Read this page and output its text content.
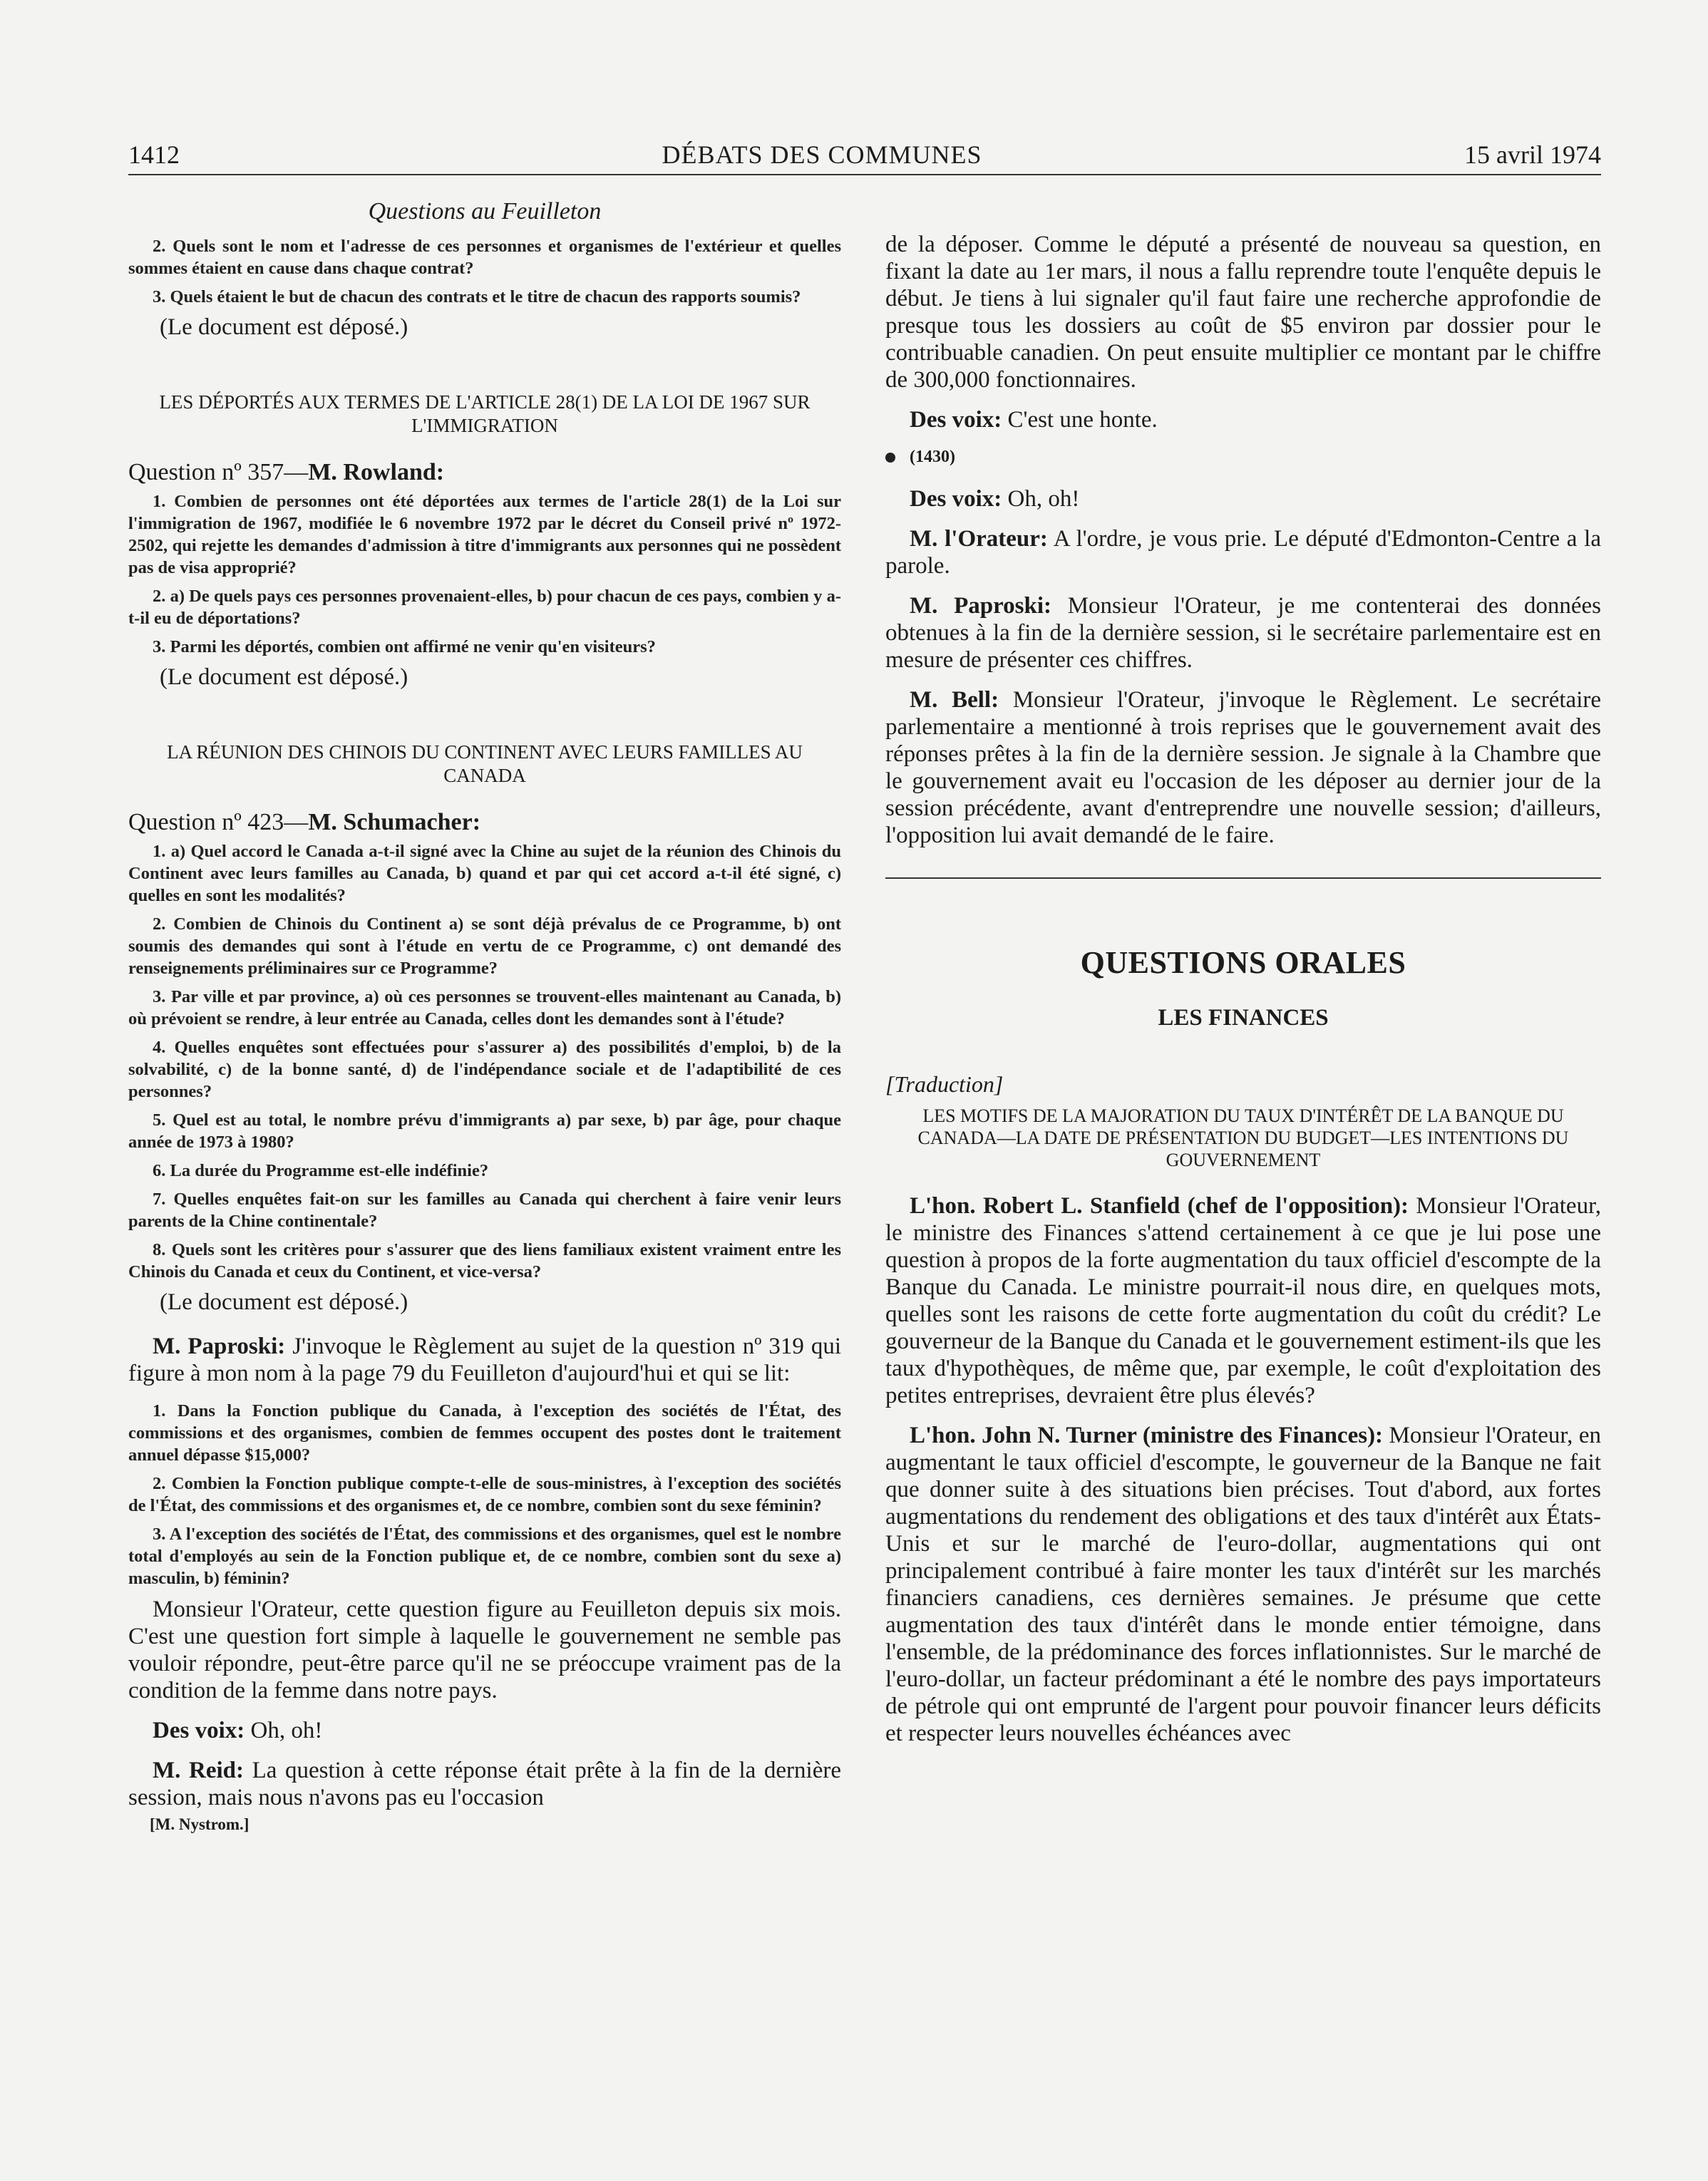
1412	DÉBATS DES COMMUNES	15 avril 1974

Questions au Feuilleton

2. Quels sont le nom et l'adresse de ces personnes et organismes de l'extérieur et quelles sommes étaient en cause dans chaque contrat?

3. Quels étaient le but de chacun des contrats et le titre de chacun des rapports soumis?

(Le document est déposé.)

LES DÉPORTÉS AUX TERMES DE L'ARTICLE 28(1) DE LA LOI DE 1967 SUR L'IMMIGRATION

Question nº 357—M. Rowland:

1. Combien de personnes ont été déportées aux termes de l'article 28(1) de la Loi sur l'immigration de 1967, modifiée le 6 novembre 1972 par le décret du Conseil privé nº 1972-2502, qui rejette les demandes d'admission à titre d'immigrants aux personnes qui ne possèdent pas de visa approprié?

2. a) De quels pays ces personnes provenaient-elles, b) pour chacun de ces pays, combien y a-t-il eu de déportations?

3. Parmi les déportés, combien ont affirmé ne venir qu'en visiteurs?

(Le document est déposé.)

LA RÉUNION DES CHINOIS DU CONTINENT AVEC LEURS FAMILLES AU CANADA

Question nº 423—M. Schumacher:

1. a) Quel accord le Canada a-t-il signé avec la Chine au sujet de la réunion des Chinois du Continent avec leurs familles au Canada, b) quand et par qui cet accord a-t-il été signé, c) quelles en sont les modalités?

2. Combien de Chinois du Continent a) se sont déjà prévalus de ce Programme, b) ont soumis des demandes qui sont à l'étude en vertu de ce Programme, c) ont demandé des renseignements préliminaires sur ce Programme?

3. Par ville et par province, a) où ces personnes se trouvent-elles maintenant au Canada, b) où prévoient se rendre, à leur entrée au Canada, celles dont les demandes sont à l'étude?

4. Quelles enquêtes sont effectuées pour s'assurer a) des possibilités d'emploi, b) de la solvabilité, c) de la bonne santé, d) de l'indépendance sociale et de l'adaptibilité de ces personnes?

5. Quel est au total, le nombre prévu d'immigrants a) par sexe, b) par âge, pour chaque année de 1973 à 1980?

6. La durée du Programme est-elle indéfinie?

7. Quelles enquêtes fait-on sur les familles au Canada qui cherchent à faire venir leurs parents de la Chine continentale?

8. Quels sont les critères pour s'assurer que des liens familiaux existent vraiment entre les Chinois du Canada et ceux du Continent, et vice-versa?

(Le document est déposé.)

M. Paproski: J'invoque le Règlement au sujet de la question nº 319 qui figure à mon nom à la page 79 du Feuilleton d'aujourd'hui et qui se lit:

1. Dans la Fonction publique du Canada, à l'exception des sociétés de l'État, des commissions et des organismes, combien de femmes occupent des postes dont le traitement annuel dépasse $15,000?

2. Combien la Fonction publique compte-t-elle de sous-ministres, à l'exception des sociétés de l'État, des commissions et des organismes et, de ce nombre, combien sont du sexe féminin?

3. A l'exception des sociétés de l'État, des commissions et des organismes, quel est le nombre total d'employés au sein de la Fonction publique et, de ce nombre, combien sont du sexe a) masculin, b) féminin?

Monsieur l'Orateur, cette question figure au Feuilleton depuis six mois. C'est une question fort simple à laquelle le gouvernement ne semble pas vouloir répondre, peut-être parce qu'il ne se préoccupe vraiment pas de la condition de la femme dans notre pays.

Des voix: Oh, oh!

M. Reid: La question à cette réponse était prête à la fin de la dernière session, mais nous n'avons pas eu l'occasion

[M. Nystrom.]

de la déposer. Comme le député a présenté de nouveau sa question, en fixant la date au 1er mars, il nous a fallu reprendre toute l'enquête depuis le début. Je tiens à lui signaler qu'il faut faire une recherche approfondie de presque tous les dossiers au coût de $5 environ par dossier pour le contribuable canadien. On peut ensuite multiplier ce montant par le chiffre de 300,000 fonctionnaires.

Des voix: C'est une honte.

(1430)

Des voix: Oh, oh!

M. l'Orateur: A l'ordre, je vous prie. Le député d'Edmonton-Centre a la parole.

M. Paproski: Monsieur l'Orateur, je me contenterai des données obtenues à la fin de la dernière session, si le secrétaire parlementaire est en mesure de présenter ces chiffres.

M. Bell: Monsieur l'Orateur, j'invoque le Règlement. Le secrétaire parlementaire a mentionné à trois reprises que le gouvernement avait des réponses prêtes à la fin de la dernière session. Je signale à la Chambre que le gouvernement avait eu l'occasion de les déposer au dernier jour de la session précédente, avant d'entreprendre une nouvelle session; d'ailleurs, l'opposition lui avait demandé de le faire.

QUESTIONS ORALES
LES FINANCES

[Traduction]

LES MOTIFS DE LA MAJORATION DU TAUX D'INTÉRÊT DE LA BANQUE DU CANADA—LA DATE DE PRÉSENTATION DU BUDGET—LES INTENTIONS DU GOUVERNEMENT

L'hon. Robert L. Stanfield (chef de l'opposition): Monsieur l'Orateur, le ministre des Finances s'attend certainement à ce que je lui pose une question à propos de la forte augmentation du taux officiel d'escompte de la Banque du Canada. Le ministre pourrait-il nous dire, en quelques mots, quelles sont les raisons de cette forte augmentation du coût du crédit? Le gouverneur de la Banque du Canada et le gouvernement estiment-ils que les taux d'hypothèques, de même que, par exemple, le coût d'exploitation des petites entreprises, devraient être plus élevés?

L'hon. John N. Turner (ministre des Finances): Monsieur l'Orateur, en augmentant le taux officiel d'escompte, le gouverneur de la Banque ne fait que donner suite à des situations bien précises. Tout d'abord, aux fortes augmentations du rendement des obligations et des taux d'intérêt aux États-Unis et sur le marché de l'euro-dollar, augmentations qui ont principalement contribué à faire monter les taux d'intérêt sur les marchés financiers canadiens, ces dernières semaines. Je présume que cette augmentation des taux d'intérêt dans le monde entier témoigne, dans l'ensemble, de la prédominance des forces inflationnistes. Sur le marché de l'euro-dollar, un facteur prédominant a été le nombre des pays importateurs de pétrole qui ont emprunté de l'argent pour pouvoir financer leurs déficits et respecter leurs nouvelles échéances avec
